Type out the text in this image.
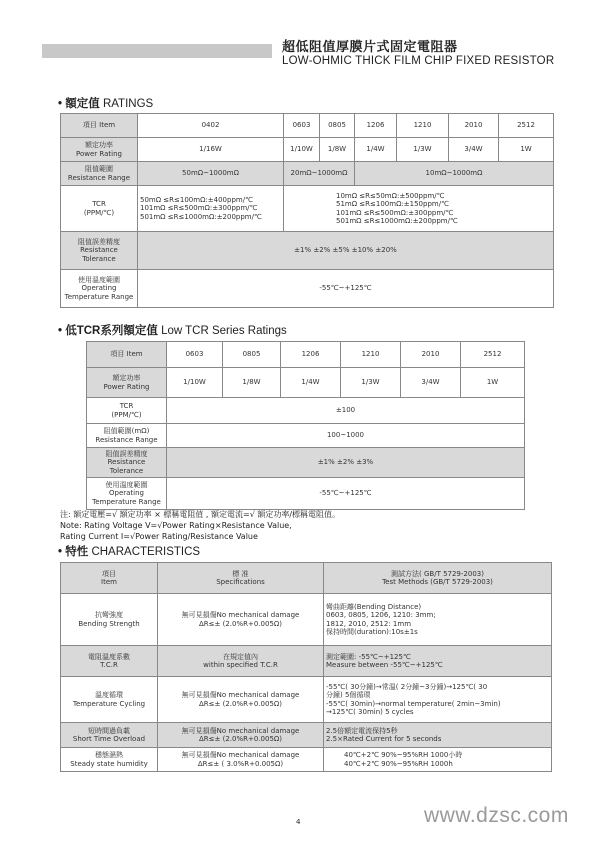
超低阻值厚膜片式固定電阻器
LOW-OHMIC THICK FILM CHIP FIXED RESISTOR
• 額定值 RATINGS
項目 Item	0402	0603	0805	1206	1210	2010	2512

額定功率
Power Rating	1/16W	1/10W	1/8W	1/4W	1/3W	3/4W	1W

阻值範圍
Resistance Range	50mΩ~1000mΩ	20mΩ~1000mΩ		10mΩ~1000mΩ			

TCR
(PPM/℃)	50mΩ ≤R≤100mΩ:±400ppm/℃
101mΩ ≤R≤500mΩ:±300ppm/℃
501mΩ ≤R≤1000mΩ:±200ppm/℃	10mΩ ≤R≤50mΩ:±500ppm/℃
51mΩ ≤R≤100mΩ:±150ppm/℃
101mΩ ≤R≤500mΩ:±300ppm/℃
501mΩ ≤R≤1000mΩ:±200ppm/℃					

阻值誤差精度
Resistance
Tolerance	±1% ±2% ±5% ±10% ±20%						

使用溫度範圍
Operating
Temperature Range	-55℃~+125℃						
• 低TCR系列額定值 Low TCR Series Ratings
項目 Item	0603	0805	1206	1210	2010	2512

額定功率
Power Rating	1/10W	1/8W	1/4W	1/3W	3/4W	1W

TCR
(PPM/℃)	±100					

阻值範圍(mΩ)
Resistance Range	100~1000					

阻值誤差精度
Resistance
Tolerance	±1% ±2% ±3%					

使用溫度範圍
Operating
Temperature Range	-55℃~+125℃					
注: 額定電壓=√ 額定功率 × 標稱電阻值 , 額定電流=√ 額定功率/標稱電阻值。
Note: Rating Voltage V=√Power Rating×Resistance Value,
Rating Current I=√Power Rating/Resistance Value
• 特性 CHARACTERISTICS
項目
Item	標 准
Specifications	測試方法( GB/T 5729-2003)
Test Methods (GB/T 5729-2003)

抗彎強度
Bending Strength	無可見損傷No mechanical damage
ΔR≤± (2.0%R+0.005Ω)	彎曲距離(Bending Distance)
0603, 0805, 1206, 1210: 3mm;
1812, 2010, 2512: 1mm
保持時間(duration):10s±1s

電阻溫度系數
T.C.R	在規定值內
within specified T.C.R	測定範圍: -55℃~+125℃
Measure between -55℃~+125℃

溫度循環
Temperature Cycling	無可見損傷No mechanical damage
ΔR≤± (2.0%R+0.005Ω)	-55℃( 30分鐘)→常溫( 2分鐘~3分鐘)→125℃( 30
分鐘) 5個循環
-55℃( 30min)→normal temperature( 2min~3min)
→125℃( 30min) 5 cycles

短時間過負載
Short Time Overload	無可見損傷No mechanical damage
ΔR≤± (2.0%R+0.005Ω)	2.5倍額定電流保持5秒
2.5×Rated Current for 5 seconds

穩態濕熱
Steady state humidity	無可見損傷No mechanical damage
ΔR≤± ( 3.0%R+0.005Ω)	40℃+2℃ 90%~95%RH 1000小時
40℃+2℃ 90%~95%RH 1000h
4	www.dzsc.com
